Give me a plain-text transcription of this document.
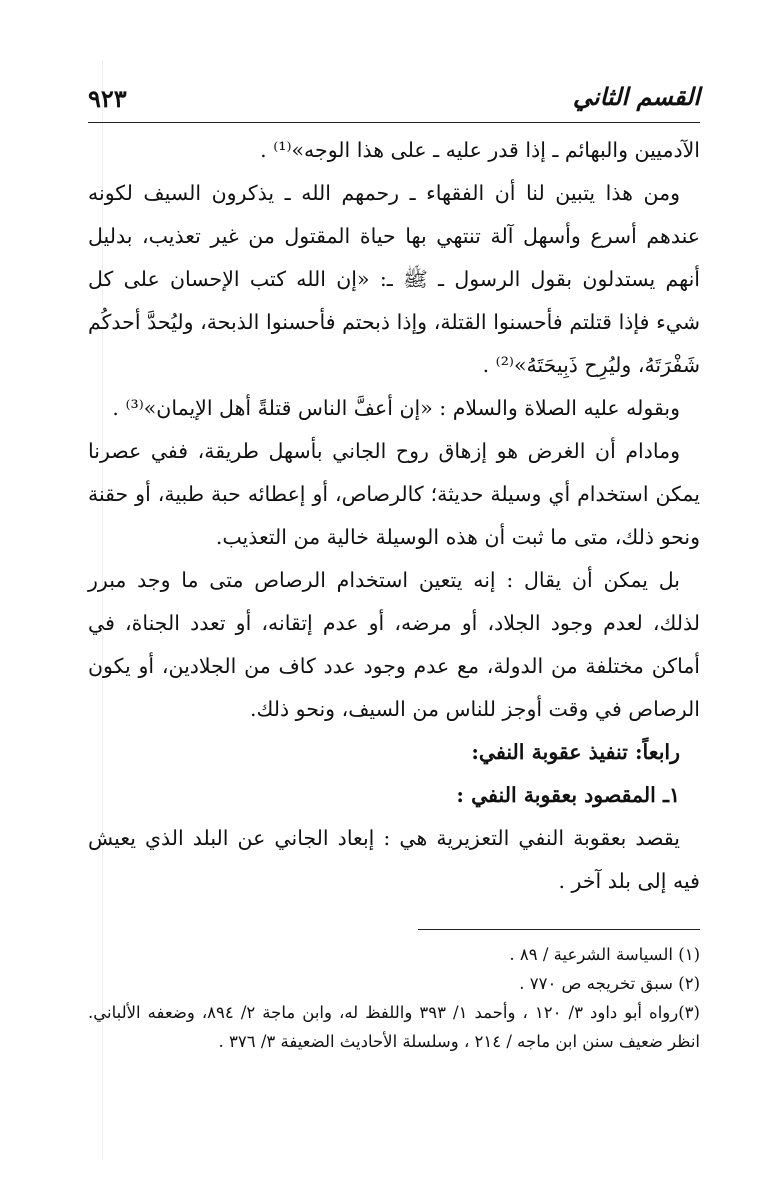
القسم الثاني
٩٢٣

الآدميين والبهائم ـ إذا قدر عليه ـ على هذا الوجه»⁽¹⁾ .

ومن هذا يتبين لنا أن الفقهاء ـ رحمهم الله ـ يذكرون السيف لكونه عندهم أسرع وأسهل آلة تنتهي بها حياة المقتول من غير تعذيب، بدليل أنهم يستدلون بقول الرسول ـ ﷺ ـ: «إن الله كتب الإحسان على كل شيء فإذا قتلتم فأحسنوا القتلة، وإذا ذبحتم فأحسنوا الذبحة، وليُحدَّ أحدكُم شَفْرَتَهُ، وليُرِح ذَبِيحَتَهُ»⁽²⁾ .

وبقوله عليه الصلاة والسلام : «إن أعفَّ الناس قتلةً أهل الإيمان»⁽³⁾ .

ومادام أن الغرض هو إزهاق روح الجاني بأسهل طريقة، ففي عصرنا يمكن استخدام أي وسيلة حديثة؛ كالرصاص، أو إعطائه حبة طبية، أو حقنة ونحو ذلك، متى ما ثبت أن هذه الوسيلة خالية من التعذيب.

بل يمكن أن يقال : إنه يتعين استخدام الرصاص متى ما وجد مبرر لذلك، لعدم وجود الجلاد، أو مرضه، أو عدم إتقانه، أو تعدد الجناة، في أماكن مختلفة من الدولة، مع عدم وجود عدد كاف من الجلادين، أو يكون الرصاص في وقت أوجز للناس من السيف، ونحو ذلك.

رابعاً: تنفيذ عقوبة النفي:

١ـ المقصود بعقوبة النفي :

يقصد بعقوبة النفي التعزيرية هي : إبعاد الجاني عن البلد الذي يعيش فيه إلى بلد آخر .

(١) السياسة الشرعية / ٨٩ .

(٢) سبق تخريجه ص ٧٧٠ .

(٣)رواه أبو داود ٣/ ١٢٠ ، وأحمد ١/ ٣٩٣ واللفظ له، وابن ماجة ٢/ ٨٩٤، وضعفه الألباني. انظر ضعيف سنن ابن ماجه / ٢١٤ ، وسلسلة الأحاديث الضعيفة ٣/ ٣٧٦ .
